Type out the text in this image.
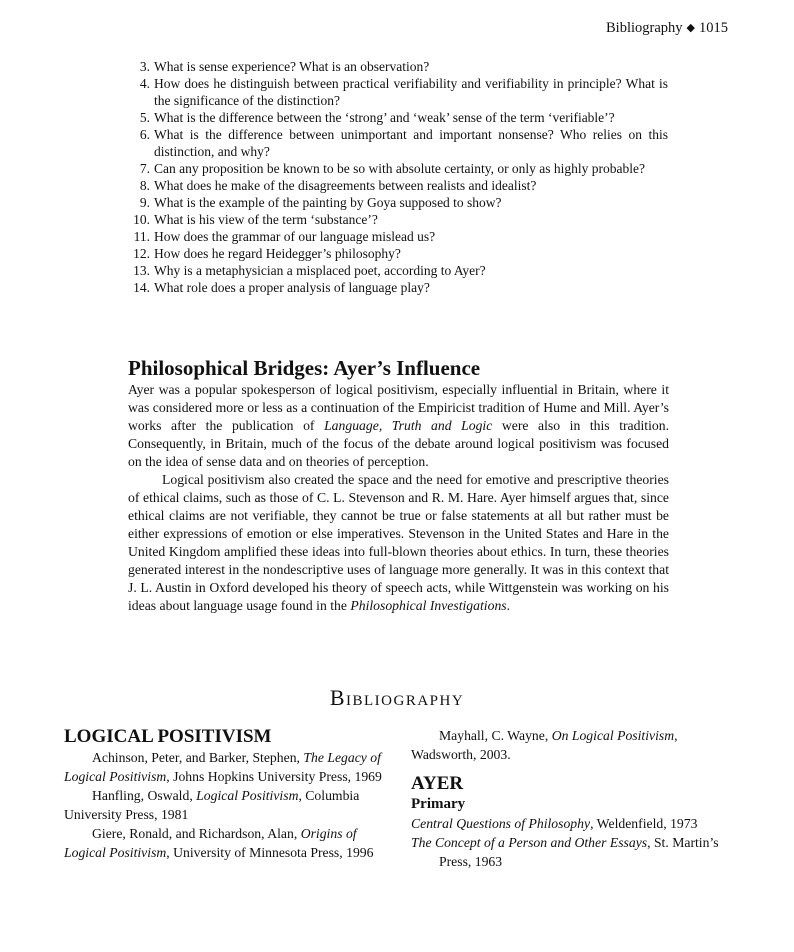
Bibliography ◆ 1015
3. What is sense experience? What is an observation?
4. How does he distinguish between practical verifiability and verifiability in principle? What is the significance of the distinction?
5. What is the difference between the ‘strong’ and ‘weak’ sense of the term ‘verifiable’?
6. What is the difference between unimportant and important nonsense? Who relies on this distinction, and why?
7. Can any proposition be known to be so with absolute certainty, or only as highly probable?
8. What does he make of the disagreements between realists and idealist?
9. What is the example of the painting by Goya supposed to show?
10. What is his view of the term ‘substance’?
11. How does the grammar of our language mislead us?
12. How does he regard Heidegger’s philosophy?
13. Why is a metaphysician a misplaced poet, according to Ayer?
14. What role does a proper analysis of language play?
Philosophical Bridges: Ayer’s Influence

Ayer was a popular spokesperson of logical positivism, especially influential in Britain, where it was considered more or less as a continuation of the Empiricist tradition of Hume and Mill. Ayer’s works after the publication of Language, Truth and Logic were also in this tradition. Consequently, in Britain, much of the focus of the debate around logical positivism was focused on the idea of sense data and on theories of perception.

Logical positivism also created the space and the need for emotive and prescriptive theories of ethical claims, such as those of C. L. Stevenson and R. M. Hare. Ayer himself argues that, since ethical claims are not verifiable, they cannot be true or false statements at all but rather must be either expressions of emotion or else imperatives. Stevenson in the United States and Hare in the United Kingdom amplified these ideas into full-blown theories about ethics. In turn, these theories generated interest in the nondescriptive uses of language more generally. It was in this context that J. L. Austin in Oxford developed his theory of speech acts, while Wittgenstein was working on his ideas about language usage found in the Philosophical Investigations.

Bibliography
LOGICAL POSITIVISM

Achinson, Peter, and Barker, Stephen, The Legacy of Logical Positivism, Johns Hopkins University Press, 1969

Hanfling, Oswald, Logical Positivism, Columbia University Press, 1981

Giere, Ronald, and Richardson, Alan, Origins of Logical Positivism, University of Minnesota Press, 1996

Mayhall, C. Wayne, On Logical Positivism, Wadsworth, 2003.

AYER
Primary

Central Questions of Philosophy, Weldenfield, 1973

The Concept of a Person and Other Essays, St. Martin’s Press, 1963
